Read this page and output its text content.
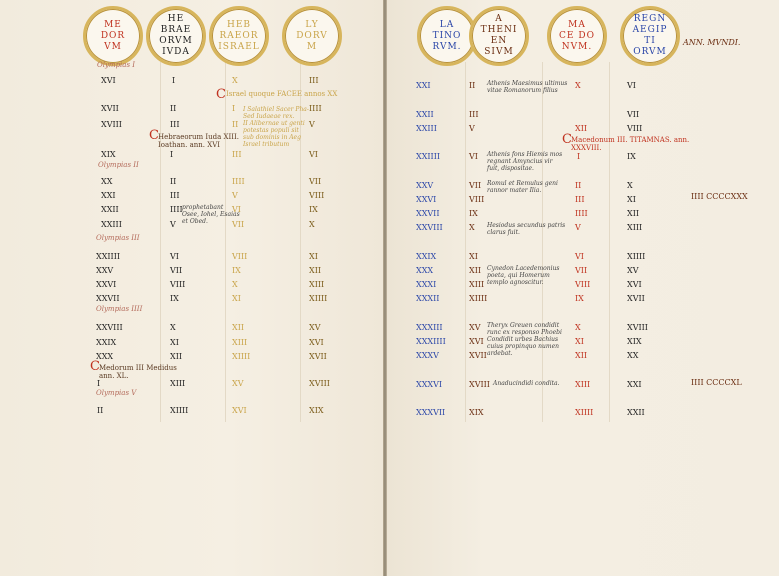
ME
DOR
VM
HE
BRAE
ORVM
IVDA
HEB
RAEOR
ISRAEL
LY
DORV
M
Olympias I
Olympias II
Olympias III
Olympias IIII
Olympias V
XVI
XVII
XVIII
XIX
XX
XXI
XXII
XXIII
XXIIII
XXV
XXVI
XXVII
XXVIII
XXIX
XXX
I
II
I
II
III
I
II
III
IIII
V
VI
VII
VIII
IX
X
XI
XII
XIII
XIIII
X
I
II
III
IIII
V
VI
VII
VIII
IX
X
XI
XII
XIII
XIIII
XV
XVI
III
IIII
V
VI
VII
VIII
IX
X
XI
XII
XIII
XIIII
XV
XVI
XVII
XVIII
XIX
C Israel quoque FACEE annos XX
I Salathiel Sacer Pha-
Sed Iudaeae rex.
II Alibernae ut genti
potestas populi sit
sub dominis in Aeg
Israel tributum
C Hebraeorum Iuda XIII.
Ioathan. ann. XVI
prophetabant
Osee, Iohel, Esaias
et Obed.
C Medorum III Medidus
ann. XL.
LA
TINO
RVM.
A
THENI
EN
SIVM
MA
CE DO
NVM.
REGN
AEGIP
TI
ORVM
ANN. MVNDI.
XXI
XXII
XXIII
XXIIII
XXV
XXVI
XXVII
XXVIII
XXIX
XXX
XXXI
XXXII
XXXIII
XXXIIII
XXXV
XXXVI
XXXVII
II
III
V
VI
VII
VIII
IX
X
XI
XII
XIII
XIIII
XV
XVI
XVII
XVIII
XIX
X
XII
I
II
III
IIII
V
VI
VII
VIII
IX
X
XI
XII
XIII
XIIII
VI
VII
VIII
IX
X
XI
XII
XIII
XIIII
XV
XVI
XVII
XVIII
XIX
XX
XXI
XXII
Athenis Maesimus ultimus
vitae Romanorum filius
C Macedonum III. TITAMNAS. ann.
XXXVIII.
Athenis fons Hiemis mos
regnant Amyncius vir
fuit, dispositae.
Romul et Remulus geni
rannor mater Ilia.
Hesiodus secundus patris
clarus fuit.
Cynedon Lacedemonius
poeta, qui Homerum
templo agnoscitur.
Theryx Greuen condidit
runc ex responso Phoebi
Condidit urbes Bachius
cuius propinquo numen
ardebat.
Anaducindidi condita.
IIII CCCCXXX
IIII CCCCXL
